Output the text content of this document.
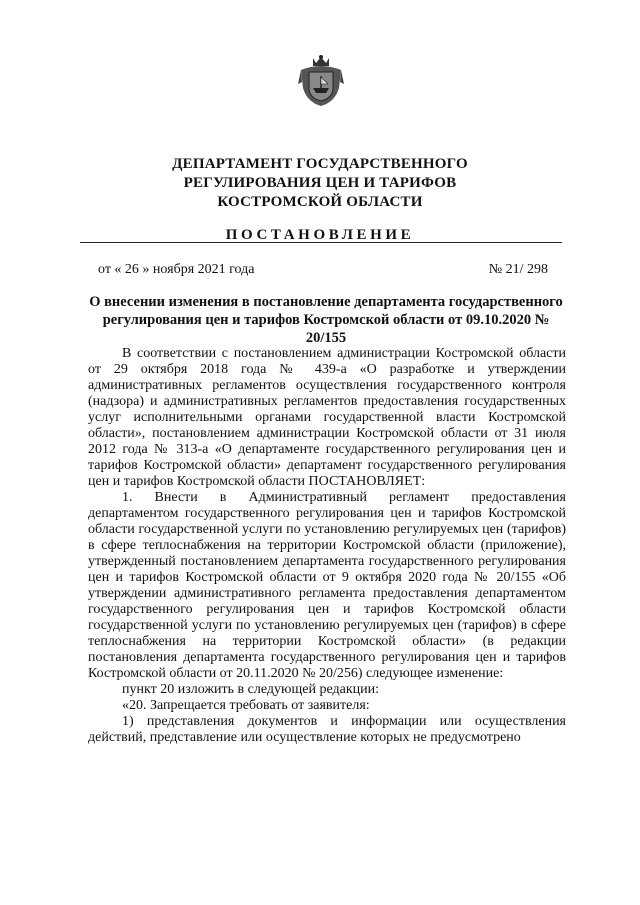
ДЕПАРТАМЕНТ ГОСУДАРСТВЕННОГО
РЕГУЛИРОВАНИЯ ЦЕН И ТАРИФОВ
КОСТРОМСКОЙ ОБЛАСТИ
ПОСТАНОВЛЕНИЕ
от « 26 » ноября 2021 года	№ 21/ 298
О внесении изменения в постановление департамента государственного регулирования цен и тарифов Костромской области от 09.10.2020 № 20/155

В соответствии с постановлением администрации Костромской области от 29 октября 2018 года № 439-а «О разработке и утверждении административных регламентов осуществления государственного контроля (надзора) и административных регламентов предоставления государственных услуг исполнительными органами государственной власти Костромской области», постановлением администрации Костромской области от 31 июля 2012 года № 313-а «О департаменте государственного регулирования цен и тарифов Костромской области» департамент государственного регулирования цен и тарифов Костромской области ПОСТАНОВЛЯЕТ:

1. Внести в Административный регламент предоставления департаментом государственного регулирования цен и тарифов Костромской области государственной услуги по установлению регулируемых цен (тарифов) в сфере теплоснабжения на территории Костромской области (приложение), утвержденный постановлением департамента государственного регулирования цен и тарифов Костромской области от 9 октября 2020 года № 20/155 «Об утверждении административного регламента предоставления департаментом государственного регулирования цен и тарифов Костромской области государственной услуги по установлению регулируемых цен (тарифов) в сфере теплоснабжения на территории Костромской области» (в редакции постановления департамента государственного регулирования цен и тарифов Костромской области от 20.11.2020 № 20/256) следующее изменение:

пункт 20 изложить в следующей редакции:

«20. Запрещается требовать от заявителя:

1) представления документов и информации или осуществления действий, представление или осуществление которых не предусмотрено
